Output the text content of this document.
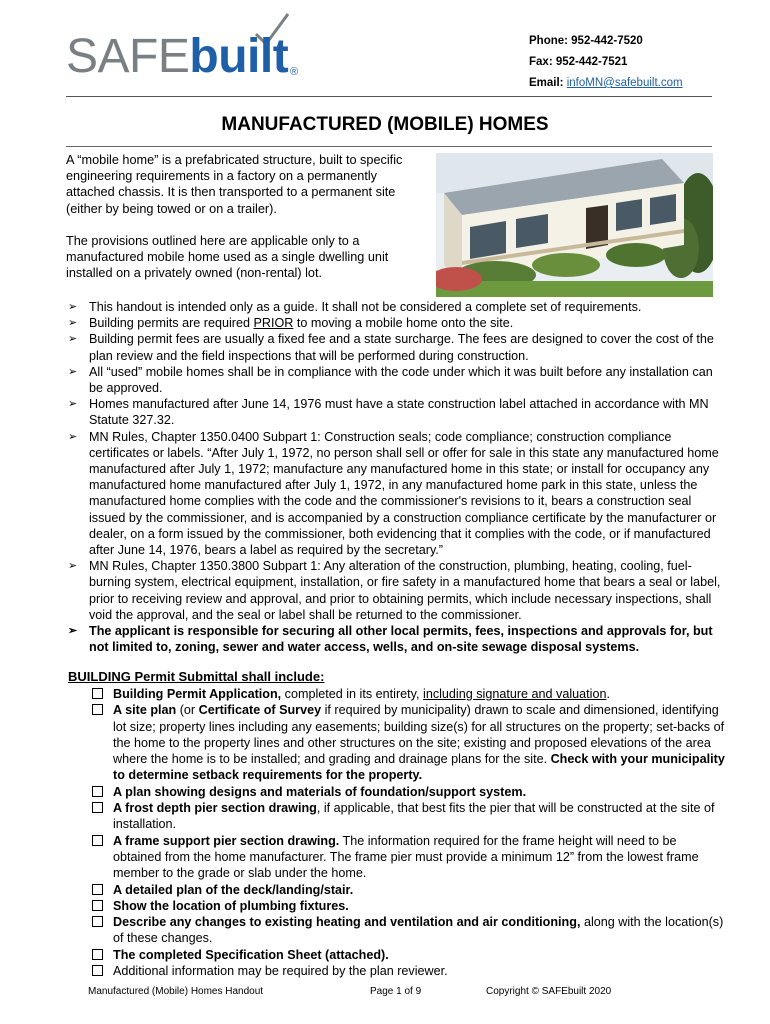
SAFEbuilt ®
Phone: 952-442-7520
Fax: 952-442-7521
Email: infoMN@safebuilt.com
MANUFACTURED (MOBILE) HOMES

A “mobile home” is a prefabricated structure, built to specific engineering requirements in a factory on a permanently attached chassis. It is then transported to a permanent site (either by being towed or on a trailer).

The provisions outlined here are applicable only to a manufactured mobile home used as a single dwelling unit installed on a privately owned (non-rental) lot.

➢ This handout is intended only as a guide. It shall not be considered a complete set of requirements.
➢ Building permits are required PRIOR to moving a mobile home onto the site.
➢ Building permit fees are usually a fixed fee and a state surcharge. The fees are designed to cover the cost of the plan review and the field inspections that will be performed during construction.
➢ All “used” mobile homes shall be in compliance with the code under which it was built before any installation can be approved.
➢ Homes manufactured after June 14, 1976 must have a state construction label attached in accordance with MN Statute 327.32.
➢ MN Rules, Chapter 1350.0400 Subpart 1: Construction seals; code compliance; construction compliance certificates or labels. “After July 1, 1972, no person shall sell or offer for sale in this state any manufactured home manufactured after July 1, 1972; manufacture any manufactured home in this state; or install for occupancy any manufactured home manufactured after July 1, 1972, in any manufactured home park in this state, unless the manufactured home complies with the code and the commissioner's revisions to it, bears a construction seal issued by the commissioner, and is accompanied by a construction compliance certificate by the manufacturer or dealer, on a form issued by the commissioner, both evidencing that it complies with the code, or if manufactured after June 14, 1976, bears a label as required by the secretary.”
➢ MN Rules, Chapter 1350.3800 Subpart 1: Any alteration of the construction, plumbing, heating, cooling, fuel-burning system, electrical equipment, installation, or fire safety in a manufactured home that bears a seal or label, prior to receiving review and approval, and prior to obtaining permits, which include necessary inspections, shall void the approval, and the seal or label shall be returned to the commissioner.
➢ The applicant is responsible for securing all other local permits, fees, inspections and approvals for, but not limited to, zoning, sewer and water access, wells, and on-site sewage disposal systems.
BUILDING Permit Submittal shall include:
Building Permit Application, completed in its entirety, including signature and valuation.
A site plan (or Certificate of Survey if required by municipality) drawn to scale and dimensioned, identifying lot size; property lines including any easements; building size(s) for all structures on the property; set-backs of the home to the property lines and other structures on the site; existing and proposed elevations of the area where the home is to be installed; and grading and drainage plans for the site. Check with your municipality to determine setback requirements for the property.
A plan showing designs and materials of foundation/support system.
A frost depth pier section drawing, if applicable, that best fits the pier that will be constructed at the site of installation.
A frame support pier section drawing. The information required for the frame height will need to be obtained from the home manufacturer. The frame pier must provide a minimum 12” from the lowest frame member to the grade or slab under the home.
A detailed plan of the deck/landing/stair.
Show the location of plumbing fixtures.
Describe any changes to existing heating and ventilation and air conditioning, along with the location(s) of these changes.
The completed Specification Sheet (attached).
Additional information may be required by the plan reviewer.
Manufactured (Mobile) Homes Handout	Page 1 of 9	Copyright © SAFEbuilt 2020
